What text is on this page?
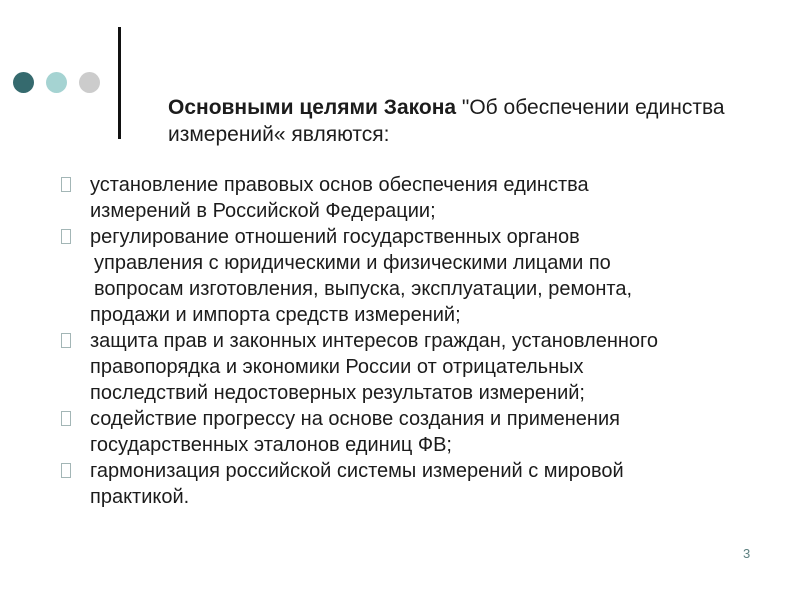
Основными целями Закона "Об обеспечении единства
измерений« являются:
установление правовых основ обеспечения единства
измерений в Российской Федерации;
регулирование отношений государственных органов
управления с юридическими и физическими лицами по
вопросам изготовления, выпуска, эксплуатации, ремонта,
продажи и импорта средств измерений;
защита прав и законных интересов граждан, установленного
правопорядка и экономики России от отрицательных
последствий недостоверных результатов измерений;
содействие прогрессу на основе создания и применения
государственных эталонов единиц ФВ;
гармонизация российской системы измерений с мировой
практикой.
3
